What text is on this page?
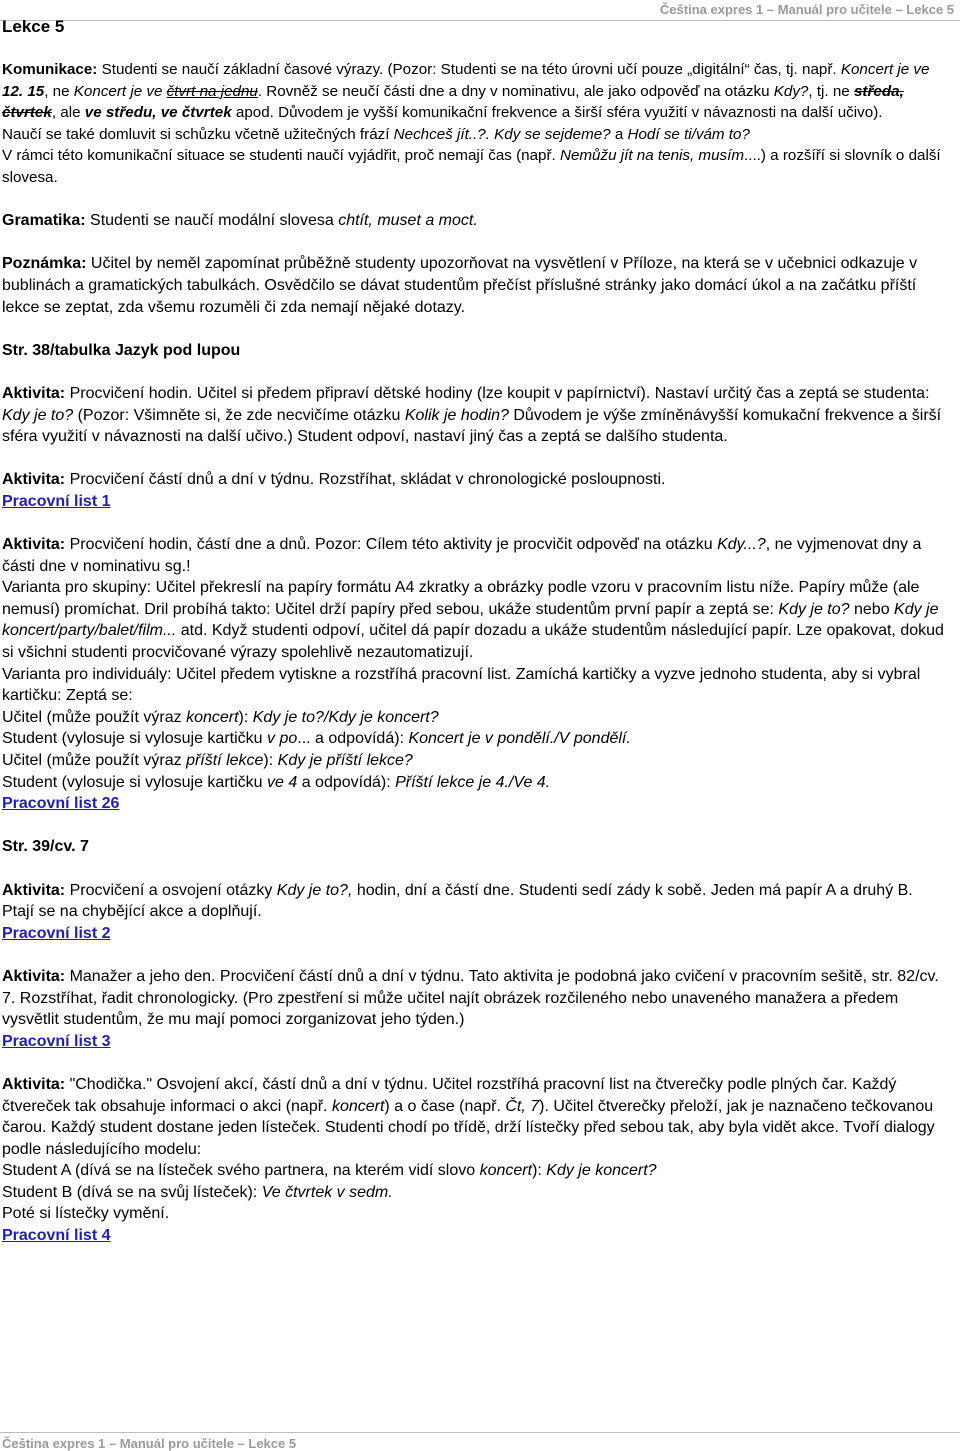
Čeština expres 1 – Manuál pro učitele – Lekce 5
Lekce 5

Komunikace: Studenti se naučí základní časové výrazy. (Pozor: Studenti se na této úrovni učí pouze „digitální“ čas, tj. např. Koncert je ve 12. 15, ne Koncert je ve čtvrt na jednu. Rovněž se neučí části dne a dny v nominativu, ale jako odpověď na otázku Kdy?, tj. ne středa, čtvrtek, ale ve středu, ve čtvrtek apod. Důvodem je vyšší komunikační frekvence a širší sféra využití v návaznosti na další učivo).

Naučí se také domluvit si schůzku včetně užitečných frází Nechceš jít..?. Kdy se sejdeme? a Hodí se ti/vám to?

V rámci této komunikační situace se studenti naučí vyjádřit, proč nemají čas (např. Nemůžu jít na tenis, musím....) a rozšíří si slovník o další slovesa.

Gramatika: Studenti se naučí modální slovesa chtít, muset a moct.

Poznámka: Učitel by neměl zapomínat průběžně studenty upozorňovat na vysvětlení v Příloze, na která se v učebnici odkazuje v bublinách a gramatických tabulkách. Osvědčilo se dávat studentům přečíst příslušné stránky jako domácí úkol a na začátku příští lekce se zeptat, zda všemu rozuměli či zda nemají nějaké dotazy.

Str. 38/tabulka Jazyk pod lupou

Aktivita: Procvičení hodin. Učitel si předem připraví dětské hodiny (lze koupit v papírnictví). Nastaví určitý čas a zeptá se studenta: Kdy je to? (Pozor: Všimněte si, že zde necvičíme otázku Kolik je hodin? Důvodem je výše zmíněnávyšší komukační frekvence a širší sféra využití v návaznosti na další učivo.) Student odpoví, nastaví jiný čas a zeptá se dalšího studenta.

Aktivita: Procvičení částí dnů a dní v týdnu. Rozstříhat, skládat v chronologické posloupnosti.

Pracovní list 1

Aktivita: Procvičení hodin, částí dne a dnů. Pozor: Cílem této aktivity je procvičit odpověď na otázku Kdy...?, ne vyjmenovat dny a části dne v nominativu sg.!

Varianta pro skupiny: Učitel překreslí na papíry formátu A4 zkratky a obrázky podle vzoru v pracovním listu níže. Papíry může (ale nemusí) promíchat. Dril probíhá takto: Učitel drží papíry před sebou, ukáže studentům první papír a zeptá se: Kdy je to? nebo Kdy je koncert/party/balet/film... atd. Když studenti odpoví, učitel dá papír dozadu a ukáže studentům následující papír. Lze opakovat, dokud si všichni studenti procvičované výrazy spolehlivě nezautomatizují.

Varianta pro individuály: Učitel předem vytiskne a rozstříhá pracovní list. Zamíchá kartičky a vyzve jednoho studenta, aby si vybral kartičku: Zeptá se:

Učitel (může použít výraz koncert): Kdy je to?/Kdy je koncert?

Student (vylosuje si vylosuje kartičku v po... a odpovídá): Koncert je v pondělí./V pondělí.

Učitel (může použít výraz příští lekce): Kdy je příští lekce?

Student (vylosuje si vylosuje kartičku ve 4 a odpovídá): Příští lekce je 4./Ve 4.

Pracovní list 26

Str. 39/cv. 7

Aktivita: Procvičení a osvojení otázky Kdy je to?, hodin, dní a částí dne. Studenti sedí zády k sobě. Jeden má papír A a druhý B. Ptají se na chybějící akce a doplňují.

Pracovní list 2

Aktivita: Manažer a jeho den. Procvičení částí dnů a dní v týdnu. Tato aktivita je podobná jako cvičení v pracovním sešitě, str. 82/cv. 7. Rozstříhat, řadit chronologicky. (Pro zpestření si může učitel najít obrázek rozčileného nebo unaveného manažera a předem vysvětlit studentům, že mu mají pomoci zorganizovat jeho týden.)

Pracovní list 3

Aktivita: "Chodička." Osvojení akcí, částí dnů a dní v týdnu. Učitel rozstříhá pracovní list na čtverečky podle plných čar. Každý čtvereček tak obsahuje informaci o akci (např. koncert) a o čase (např. Čt, 7). Učitel čtverečky přeloží, jak je naznačeno tečkovanou čarou. Každý student dostane jeden lísteček. Studenti chodí po třídě, drží lístečky před sebou tak, aby byla vidět akce. Tvoří dialogy podle následujícího modelu:

Student A (dívá se na lísteček svého partnera, na kterém vidí slovo koncert): Kdy je koncert?

Student B (dívá se na svůj lísteček): Ve čtvrtek v sedm.

Poté si lístečky vymění.

Pracovní list 4

Čeština expres 1 – Manuál pro učitele – Lekce 5
